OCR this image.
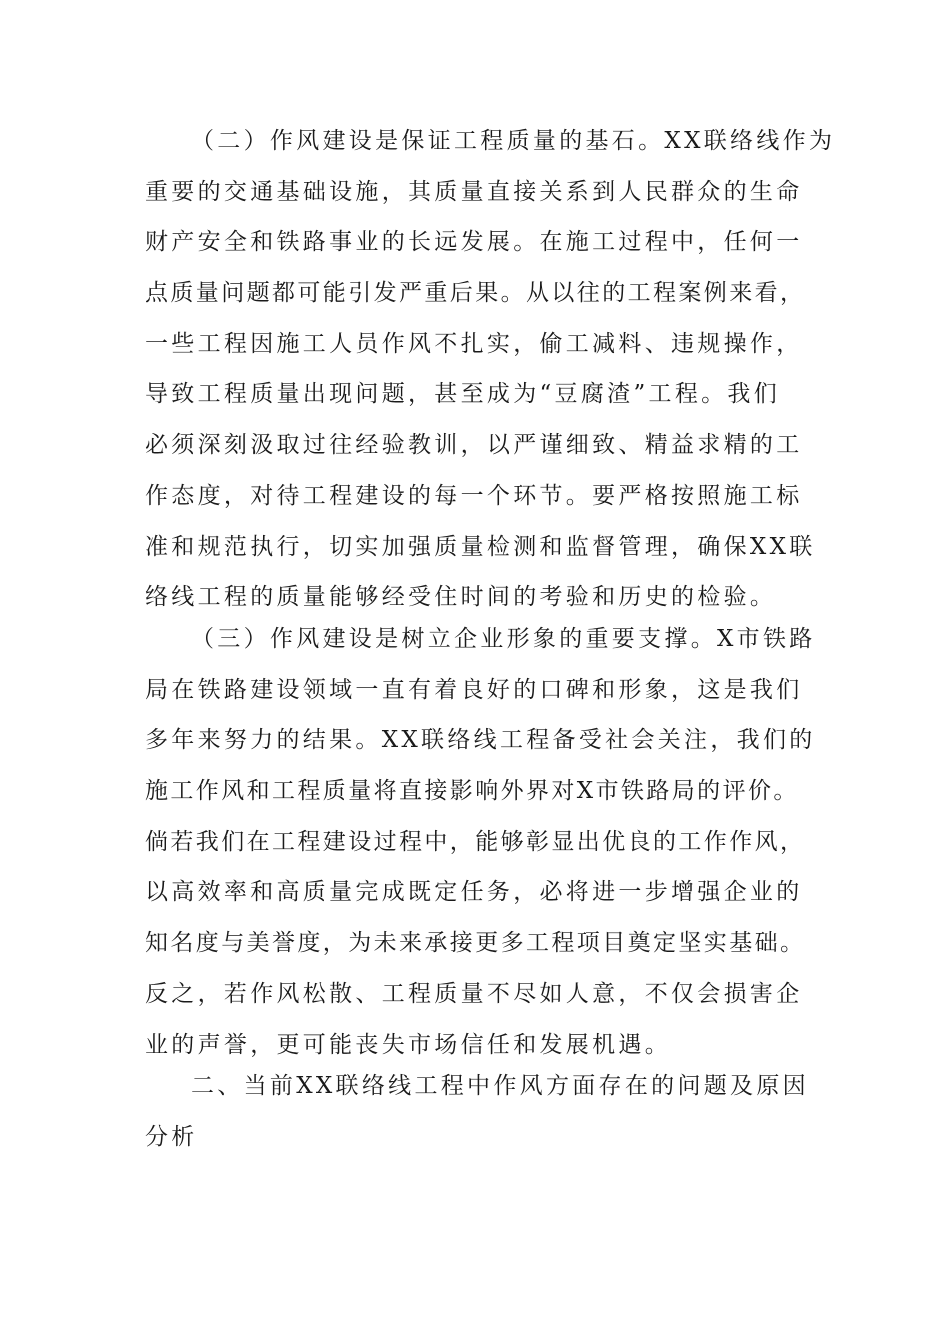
（二）作风建设是保证工程质量的基石。XX联络线作为
重要的交通基础设施，其质量直接关系到人民群众的生命
财产安全和铁路事业的长远发展。在施工过程中，任何一
点质量问题都可能引发严重后果。从以往的工程案例来看，
一些工程因施工人员作风不扎实，偷工减料、违规操作，
导致工程质量出现问题，甚至成为“豆腐渣”工程。我们
必须深刻汲取过往经验教训，以严谨细致、精益求精的工
作态度，对待工程建设的每一个环节。要严格按照施工标
准和规范执行，切实加强质量检测和监督管理，确保XX联
络线工程的质量能够经受住时间的考验和历史的检验。
（三）作风建设是树立企业形象的重要支撑。X市铁路
局在铁路建设领域一直有着良好的口碑和形象，这是我们
多年来努力的结果。XX联络线工程备受社会关注，我们的
施工作风和工程质量将直接影响外界对X市铁路局的评价。
倘若我们在工程建设过程中，能够彰显出优良的工作作风，
以高效率和高质量完成既定任务，必将进一步增强企业的
知名度与美誉度，为未来承接更多工程项目奠定坚实基础。
反之，若作风松散、工程质量不尽如人意，不仅会损害企
业的声誉，更可能丧失市场信任和发展机遇。
二、当前XX联络线工程中作风方面存在的问题及原因
分析
